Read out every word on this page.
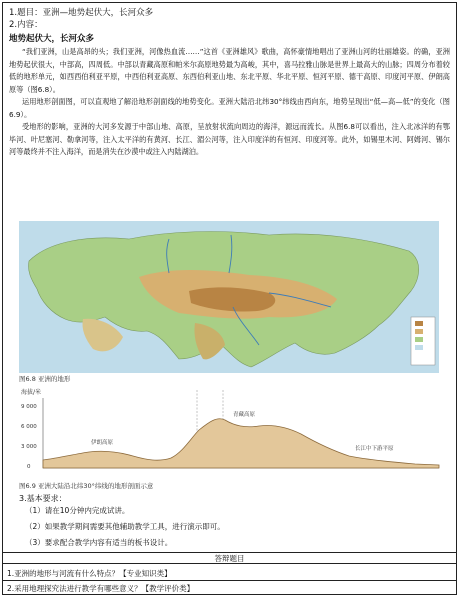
1.题目：亚洲—地势起伏大，长河众多
2.内容：
地势起伏大，长河众多

“我们亚洲，山是高昂的头；我们亚洲，河像热血流……”这首《亚洲雄风》歌曲，高怀豪情地唱出了亚洲山河的壮丽雄姿。的确，亚洲地势起伏很大，中部高，四周低。中部以青藏高原和帕米尔高原地势最为高峻，其中，喜马拉雅山脉是世界上最高大的山脉；四周分布着较低的地形单元，如西西伯利亚平原，中西伯利亚高原、东西伯利亚山地、东北平原、华北平原、恒河平原、德干高原、印度河平原、伊朗高原等（图6.8）。

运用地形剖面图，可以直观地了解沿地形剖面线的地势变化。亚洲大陆沿北纬30°纬线由西向东，地势呈现出“低—高—低”的变化（图6.9）。

受地形的影响，亚洲的大河多发源于中部山地、高原，呈放射状流向周边的海洋，源远而流长。从图6.8可以看出，注入北冰洋的有鄂毕河、叶尼塞河、勒拿河等，注入太平洋的有黄河、长江、湄公河等，注入印度洋的有恒河、印度河等。此外，如锡里木河、阿姆河、锡尔河等最终并不注入海洋，而是消失在沙漠中或注入内陆湖泊。

图6.8 亚洲的地形
海拔/米
9 000
6 000
3 000
0
伊朗高原
青藏高原
长江中下游平原
图6.9 亚洲大陆沿北纬30°纬线的地形剖面示意
3.基本要求：
（1）请在10分钟内完成试讲。
（2）如果教学期间需要其他辅助教学工具，进行演示即可。
（3）要求配合教学内容有适当的板书设计。
答辩题目
1.亚洲的地形与河流有什么特点？【专业知识类】
2.采用地理探究法进行教学有哪些意义？【教学评价类】
